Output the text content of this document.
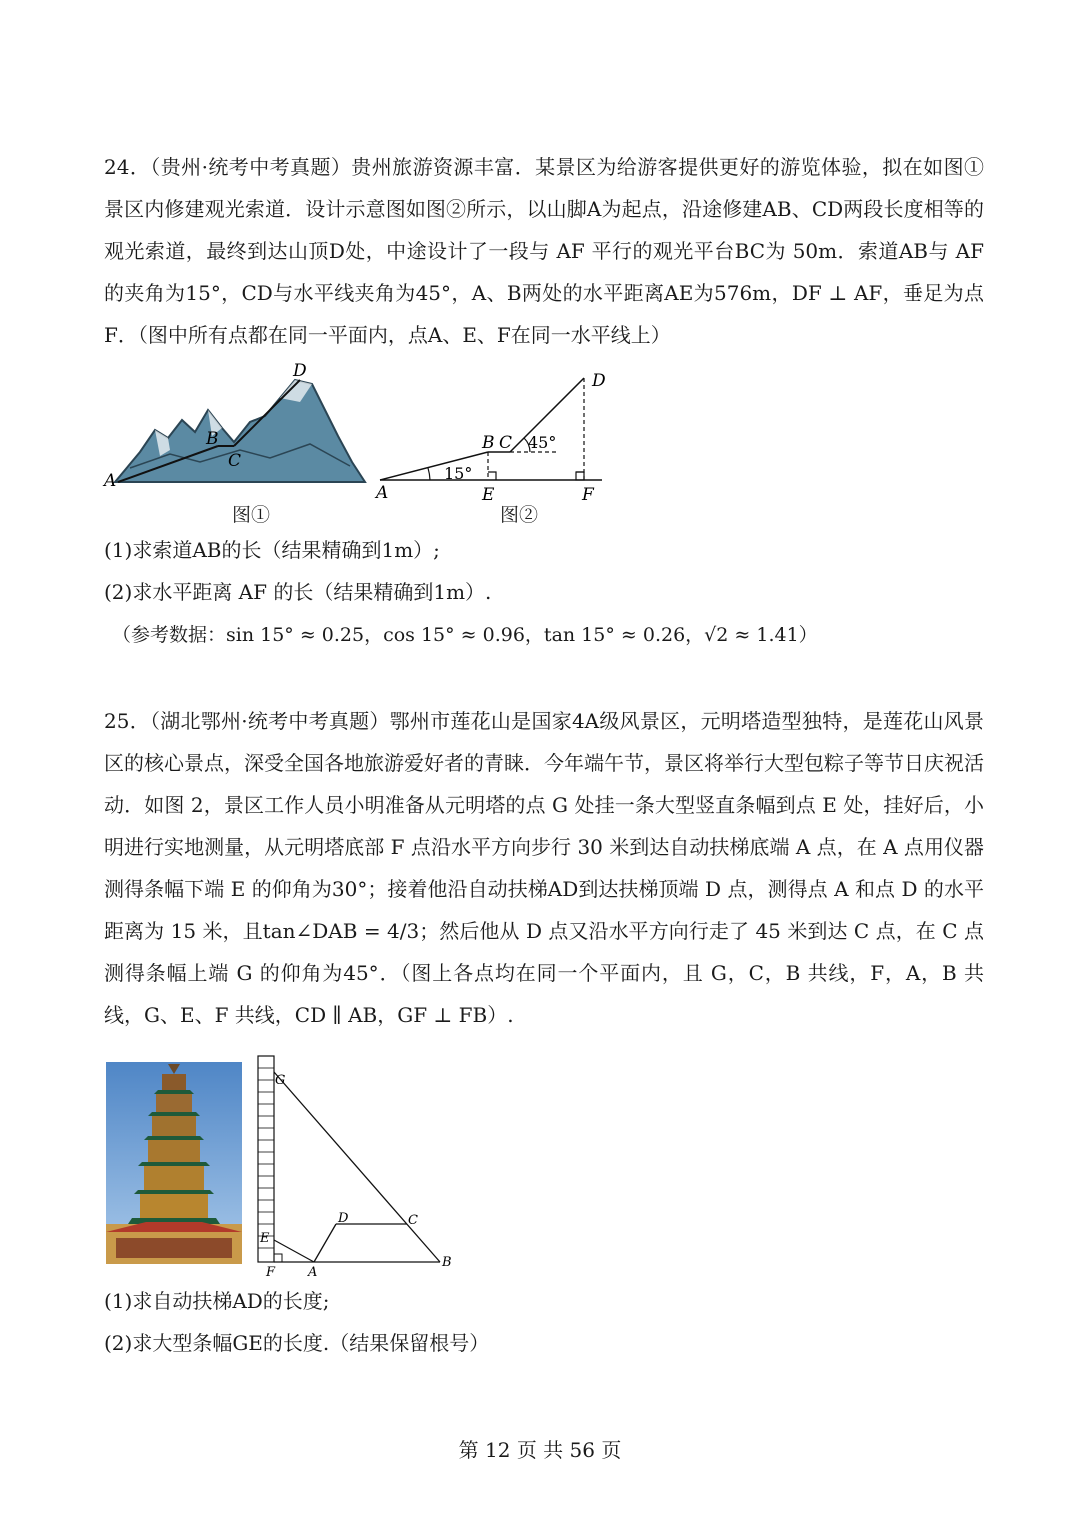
24．（贵州·统考中考真题）贵州旅游资源丰富．某景区为给游客提供更好的游览体验，拟在如图①景区内修建观光索道．设计示意图如图②所示，以山脚A为起点，沿途修建AB、CD两段长度相等的观光索道，最终到达山顶D处，中途设计了一段与 AF 平行的观光平台BC为 50m．索道AB与 AF 的夹角为15°，CD与水平线夹角为45°，A、B两处的水平距离AE为576m，DF ⊥ AF，垂足为点F．（图中所有点都在同一平面内，点A、E、F在同一水平线上）

A
B
C
D
图①
A
B C
D
E	F
15°
45°
图②
(1)求索道AB的长（结果精确到1m）;
(2)求水平距离 AF 的长（结果精确到1m）.
（参考数据：sin 15° ≈ 0.25，cos 15° ≈ 0.96，tan 15° ≈ 0.26，√2 ≈ 1.41）

25．（湖北鄂州·统考中考真题）鄂州市莲花山是国家4A级风景区，元明塔造型独特，是莲花山风景区的核心景点，深受全国各地旅游爱好者的青睐．今年端午节，景区将举行大型包粽子等节日庆祝活动．如图 2，景区工作人员小明准备从元明塔的点 G 处挂一条大型竖直条幅到点 E 处，挂好后，小明进行实地测量，从元明塔底部 F 点沿水平方向步行 30 米到达自动扶梯底端 A 点，在 A 点用仪器测得条幅下端 E 的仰角为30°；接着他沿自动扶梯AD到达扶梯顶端 D 点，测得点 A 和点 D 的水平距离为 15 米，且tan∠DAB = 4/3；然后他从 D 点又沿水平方向行走了 45 米到达 C 点，在 C 点测得条幅上端 G 的仰角为45°．（图上各点均在同一个平面内，且 G，C，B 共线，F，A，B 共线，G、E、F 共线，CD ∥ AB，GF ⊥ FB）.

G
E
F	A
D	C
B
(1)求自动扶梯AD的长度;
(2)求大型条幅GE的长度.（结果保留根号）
第 12 页 共 56 页
